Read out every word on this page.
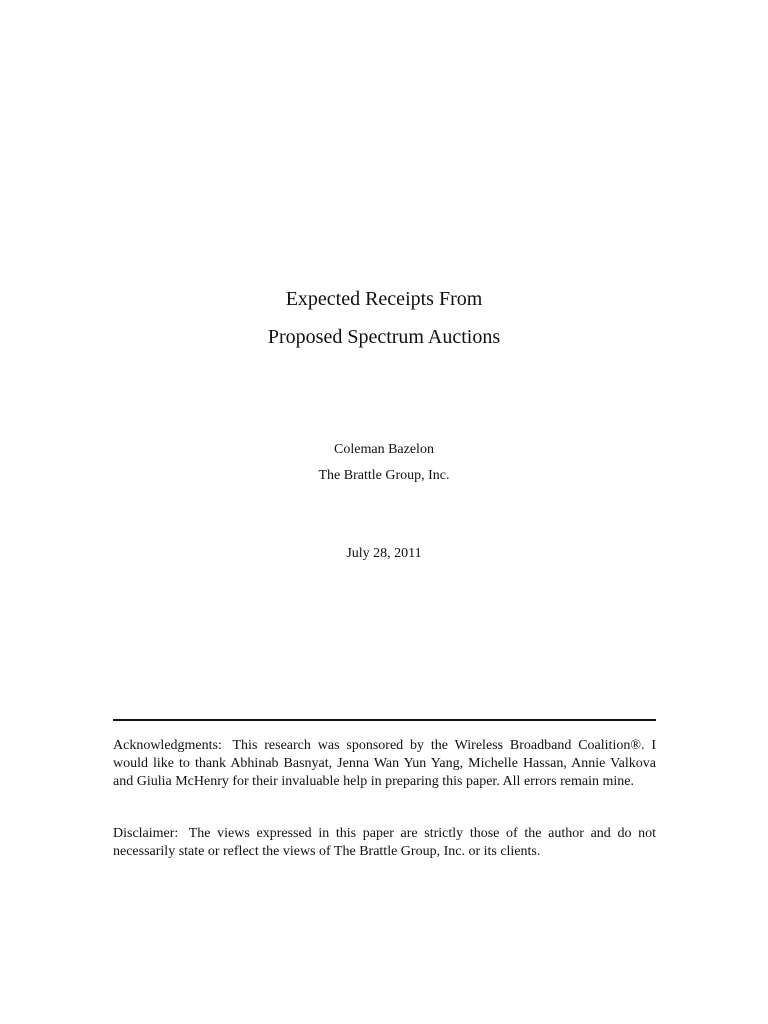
Expected Receipts From
Proposed Spectrum Auctions
Coleman Bazelon
The Brattle Group, Inc.
July 28, 2011
Acknowledgments: This research was sponsored by the Wireless Broadband Coalition®. I would like to thank Abhinab Basnyat, Jenna Wan Yun Yang, Michelle Hassan, Annie Valkova and Giulia McHenry for their invaluable help in preparing this paper. All errors remain mine.
Disclaimer: The views expressed in this paper are strictly those of the author and do not necessarily state or reflect the views of The Brattle Group, Inc. or its clients.
